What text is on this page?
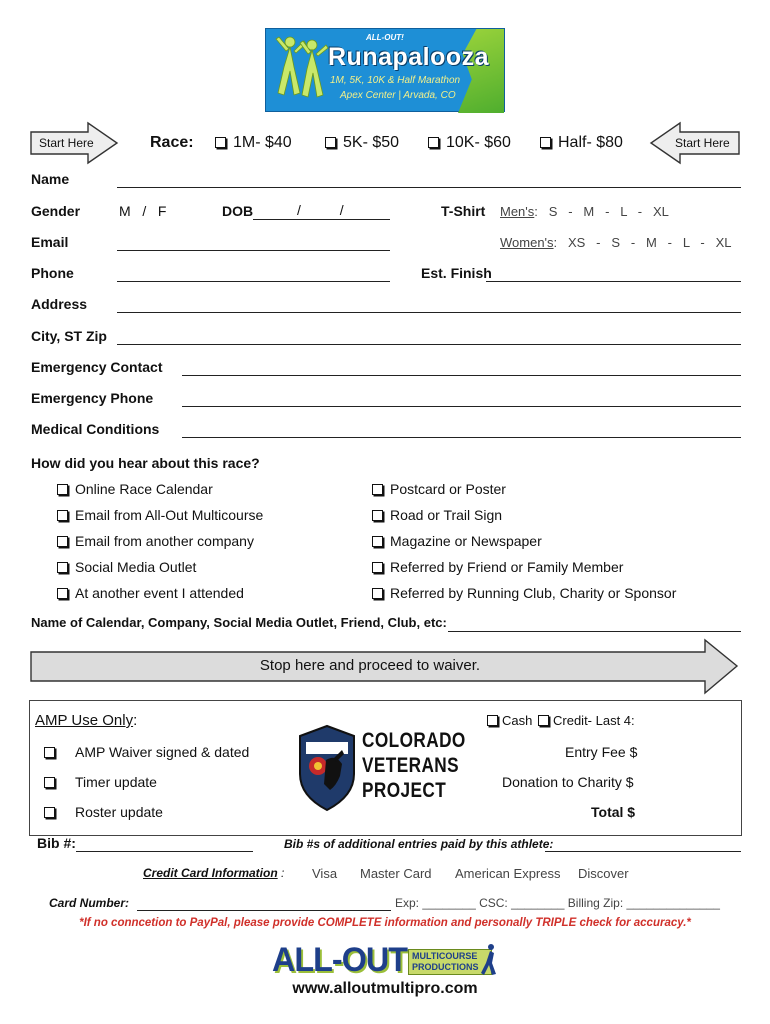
ALL-OUT!
Runapalooza
1M, 5K, 10K & Half Marathon
Apex Center | Arvada, CO
Start Here	Race:	1M- $40	5K- $50	10K- $60	Half- $80	Start Here
Name
Gender	M   /   F	DOB	/          /	T-Shirt Men's:   S   -   M   -   L   -   XL
Email	Women's:   XS   -   S   -   M   -   L   -   XL
Phone	Est. Finish
Address
City, ST Zip
Emergency Contact
Emergency Phone
Medical Conditions
How did you hear about this race?
Online Race Calendar
Email from All-Out Multicourse
Email from another company
Social Media Outlet
At another event I attended
Postcard or Poster
Road or Trail Sign
Magazine or Newspaper
Referred by Friend or Family Member
Referred by Running Club, Charity or Sponsor
Name of Calendar, Company, Social Media Outlet, Friend, Club, etc:
Stop here and proceed to waiver.
AMP Use Only:
AMP Waiver signed & dated
Timer update
Roster update
COLORADO
VETERANS
PROJECT
Cash	Credit- Last 4:
Entry Fee $
Donation to Charity $
Total $
Bib #:	Bib #s of additional entries paid by this athlete:
Credit Card Information : Visa Master Card American Express Discover
Card Number:	Exp: ________ CSC: ________ Billing Zip: ______________
*If no conncetion to PayPal, please provide COMPLETE information and personally TRIPLE check for accuracy.*
ALL-OUT MULTICOURSE
PRODUCTIONS
www.alloutmultipro.com
